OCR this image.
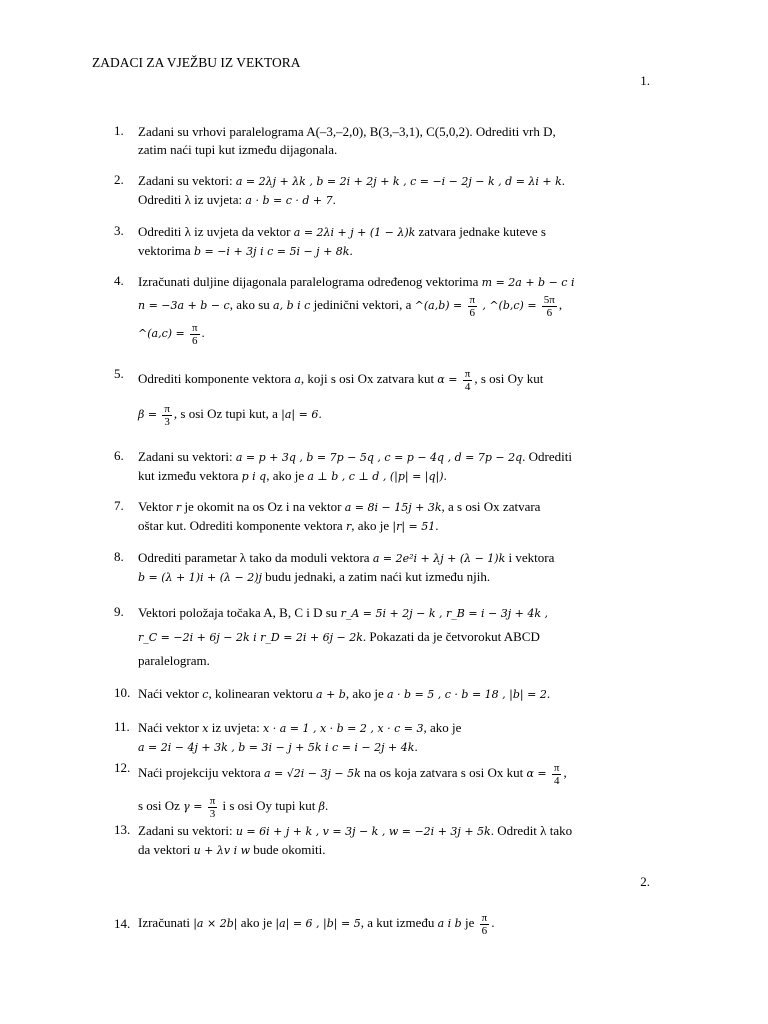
ZADACI ZA VJEŽBU IZ VEKTORA
1.
1. Zadani su vrhovi paralelograma A(–3,–2,0), B(3,–3,1), C(5,0,2). Odrediti vrh D,
zatim naći tupi kut između dijagonala.
2. Zadani su vektori: a = 2λj + λk , b = 2i + 2j + k , c = −i − 2j − k , d = λi + k.
Odrediti λ iz uvjeta: a · b = c · d + 7.
3. Odrediti λ iz uvjeta da vektor a = 2λi + j + (1 − λ)k zatvara jednake kuteve s
vektorima b = −i + 3j i c = 5i − j + 8k.
4. Izračunati duljine dijagonala paralelograma određenog vektorima m = 2a + b − c i
n = −3a + b − c, ako su a, b i c jedinični vektori, a ^(a,b) = $\frac{\pi}{6}$ , ^(b,c) = $\frac{5\pi}{6}$ ,
^(a,c) = $\frac{\pi}{6}$ .
5. Odrediti komponente vektora a, koji s osi Ox zatvara kut $\alpha = \frac{\pi}{4}$ , s osi Oy kut
$\beta = \frac{\pi}{3}$ , s osi Oz tupi kut, a |a| = 6.
6. Zadani su vektori: a = p + 3q , b = 7p − 5q , c = p − 4q , d = 7p − 2q. Odrediti
kut između vektora p i q, ako je a ⊥ b , c ⊥ d , (|p| = |q|).
7. Vektor r je okomit na os Oz i na vektor a = 8i − 15j + 3k, a s osi Ox zatvara
oštar kut. Odrediti komponente vektora r, ako je |r| = 51.
8. Odrediti parametar λ tako da moduli vektora a = 2e²i + λj + (λ − 1)k i vektora
b = (λ + 1)i + (λ − 2)j budu jednaki, a zatim naći kut između njih.
9. Vektori položaja točaka A, B, C i D su r_A = 5i + 2j − k , r_B = i − 3j + 4k ,
r_C = −2i + 6j − 2k i r_D = 2i + 6j − 2k. Pokazati da je četvorokut ABCD
paralelogram.
10. Naći vektor c, kolinearan vektoru a + b, ako je a · b = 5 , c · b = 18 , |b| = 2.
11. Naći vektor x iz uvjeta: x · a = 1 , x · b = 2 , x · c = 3, ako je
a = 2i − 4j + 3k , b = 3i − j + 5k i c = i − 2j + 4k.
12. Naći projekciju vektora a = √2i − 3j − 5k na os koja zatvara s osi Ox kut $\alpha = \frac{\pi}{4}$ ,
s osi Oz $\gamma = \frac{\pi}{3}$ i s osi Oy tupi kut β.
13. Zadani su vektori: u = 6i + j + k , v = 3j − k , w = −2i + 3j + 5k. Odredit λ tako
da vektori u + λv i w bude okomiti.
2.
14. Izračunati |a × 2b| ako je |a| = 6 , |b| = 5, a kut između a i b je $\frac{\pi}{6}$ .
